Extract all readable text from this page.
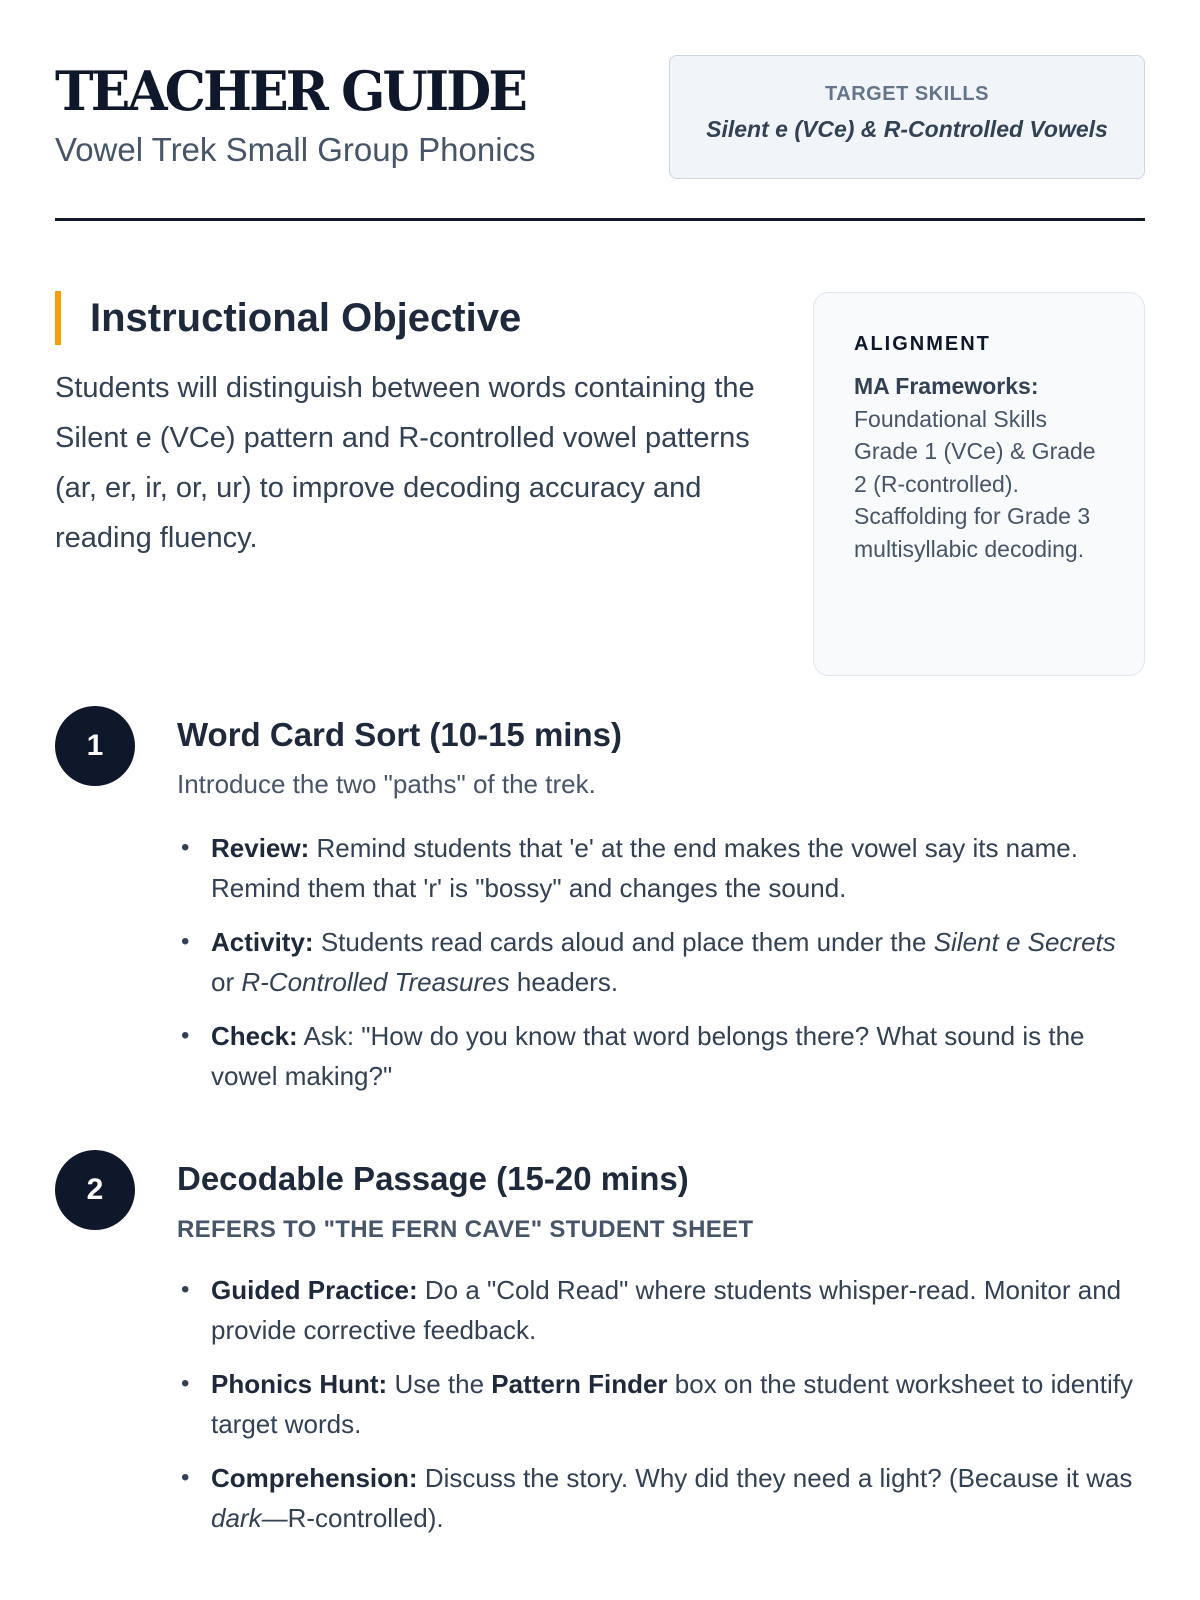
TEACHER GUIDE
Vowel Trek Small Group Phonics
TARGET SKILLS
Silent e (VCe) & R-Controlled Vowels
Instructional Objective

Students will distinguish between words containing the Silent e (VCe) pattern and R-controlled vowel patterns (ar, er, ir, or, ur) to improve decoding accuracy and reading fluency.

ALIGNMENT
MA Frameworks: Foundational Skills Grade 1 (VCe) & Grade 2 (R-controlled). Scaffolding for Grade 3 multisyllabic decoding.
1	Word Card Sort (10-15 mins)

Introduce the two "paths" of the trek.

• Review: Remind students that 'e' at the end makes the vowel say its name. Remind them that 'r' is "bossy" and changes the sound.
• Activity: Students read cards aloud and place them under the Silent e Secrets or R-Controlled Treasures headers.
• Check: Ask: "How do you know that word belongs there? What sound is the vowel making?"
2	Decodable Passage (15-20 mins)

REFERS TO "THE FERN CAVE" STUDENT SHEET

• Guided Practice: Do a "Cold Read" where students whisper-read. Monitor and provide corrective feedback.
• Phonics Hunt: Use the Pattern Finder box on the student worksheet to identify target words.
• Comprehension: Discuss the story. Why did they need a light? (Because it was dark—R-controlled).
